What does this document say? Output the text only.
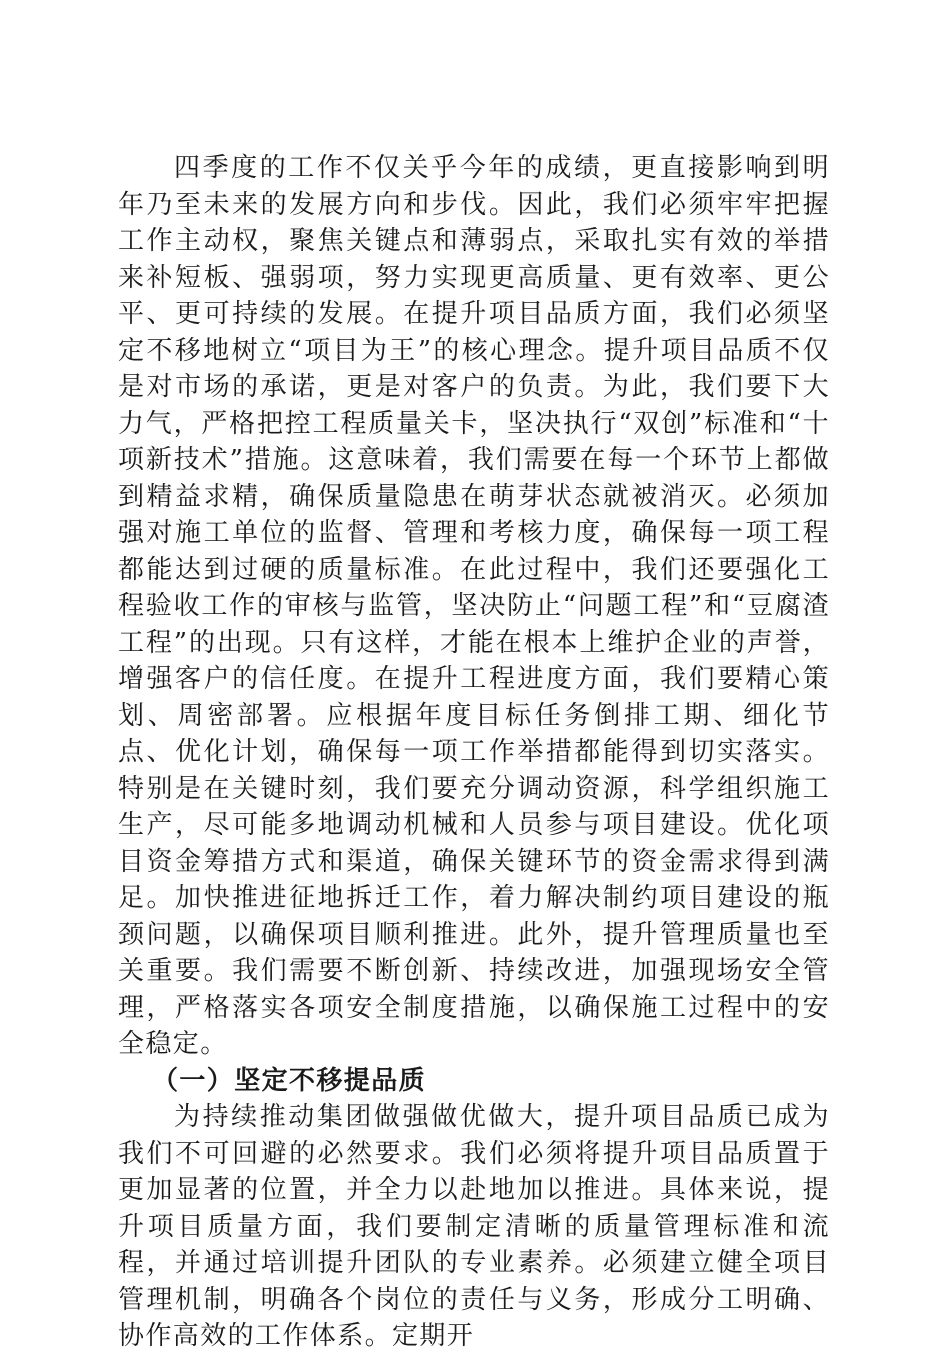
四季度的工作不仅关乎今年的成绩，更直接影响到明年乃至未来的发展方向和步伐。因此，我们必须牢牢把握工作主动权，聚焦关键点和薄弱点，采取扎实有效的举措来补短板、强弱项，努力实现更高质量、更有效率、更公平、更可持续的发展。在提升项目品质方面，我们必须坚定不移地树立“项目为王”的核心理念。提升项目品质不仅是对市场的承诺，更是对客户的负责。为此，我们要下大力气，严格把控工程质量关卡，坚决执行“双创”标准和“十项新技术”措施。这意味着，我们需要在每一个环节上都做到精益求精，确保质量隐患在萌芽状态就被消灭。必须加强对施工单位的监督、管理和考核力度，确保每一项工程都能达到过硬的质量标准。在此过程中，我们还要强化工程验收工作的审核与监管，坚决防止“问题工程”和“豆腐渣工程”的出现。只有这样，才能在根本上维护企业的声誉，增强客户的信任度。在提升工程进度方面，我们要精心策划、周密部署。应根据年度目标任务倒排工期、细化节点、优化计划，确保每一项工作举措都能得到切实落实。特别是在关键时刻，我们要充分调动资源，科学组织施工生产，尽可能多地调动机械和人员参与项目建设。优化项目资金筹措方式和渠道，确保关键环节的资金需求得到满足。加快推进征地拆迁工作，着力解决制约项目建设的瓶颈问题，以确保项目顺利推进。此外，提升管理质量也至关重要。我们需要不断创新、持续改进，加强现场安全管理，严格落实各项安全制度措施，以确保施工过程中的安全稳定。

（一）坚定不移提品质

为持续推动集团做强做优做大，提升项目品质已成为我们不可回避的必然要求。我们必须将提升项目品质置于更加显著的位置，并全力以赴地加以推进。具体来说，提升项目质量方面，我们要制定清晰的质量管理标准和流程，并通过培训提升团队的专业素养。必须建立健全项目管理机制，明确各个岗位的责任与义务，形成分工明确、协作高效的工作体系。定期开
